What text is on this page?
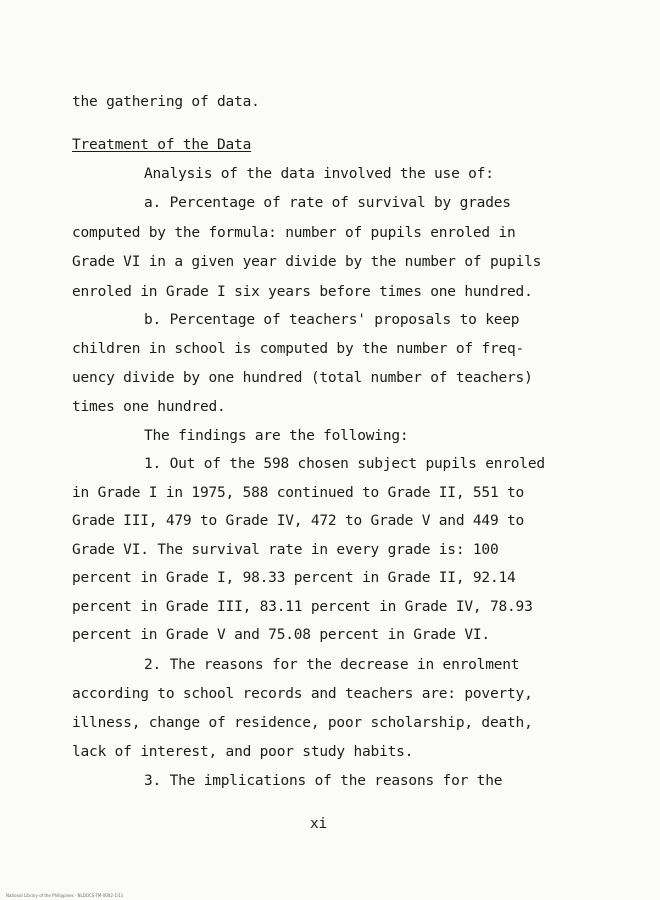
the gathering of data.
Treatment of the Data
Analysis of the data involved the use of:
a. Percentage of rate of survival by grades
computed by the formula: number of pupils enroled in
Grade VI in a given year divide by the number of pupils
enroled in Grade I six years before times one hundred.
b. Percentage of teachers' proposals to keep
children in school is computed by the number of freq-
uency divide by one hundred (total number of teachers)
times one hundred.
The findings are the following:
1. Out of the 598 chosen subject pupils enroled
in Grade I in 1975, 588 continued to Grade II, 551 to
Grade III, 479 to Grade IV, 472 to Grade V and 449 to
Grade VI. The survival rate in every grade is: 100
percent in Grade I, 98.33 percent in Grade II, 92.14
percent in Grade III, 83.11 percent in Grade IV, 78.93
percent in Grade V and 75.08 percent in Grade VI.
2. The reasons for the decrease in enrolment
according to school records and teachers are: poverty,
illness, change of residence, poor scholarship, death,
lack of interest, and poor study habits.
3. The implications of the reasons for the
xi
National Library of the Philippines · NLDOCS-TM-0002-1/11
